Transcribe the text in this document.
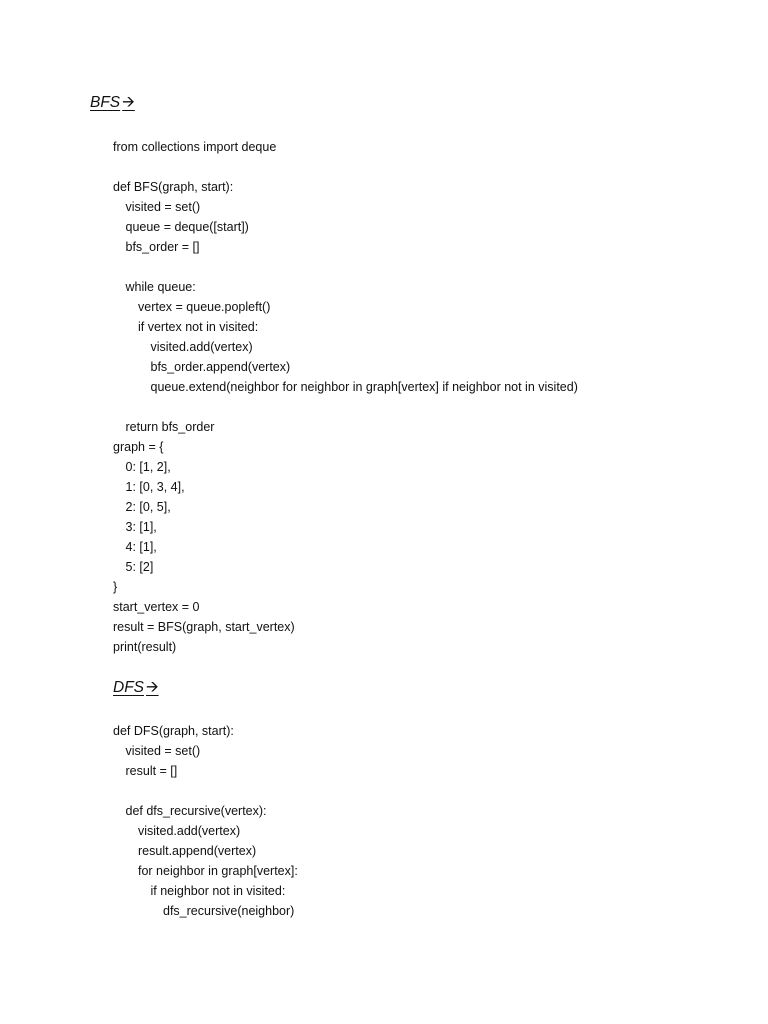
BFS 🡪
from collections import deque
def BFS(graph, start):
visited = set()
queue = deque([start])
bfs_order = []
while queue:
vertex = queue.popleft()
if vertex not in visited:
visited.add(vertex)
bfs_order.append(vertex)
queue.extend(neighbor for neighbor in graph[vertex] if neighbor not in visited)
return bfs_order
graph = {
0: [1, 2],
1: [0, 3, 4],
2: [0, 5],
3: [1],
4: [1],
5: [2]
}
start_vertex = 0
result = BFS(graph, start_vertex)
print(result)
DFS 🡪
def DFS(graph, start):
visited = set()
result = []
def dfs_recursive(vertex):
visited.add(vertex)
result.append(vertex)
for neighbor in graph[vertex]:
if neighbor not in visited:
dfs_recursive(neighbor)
